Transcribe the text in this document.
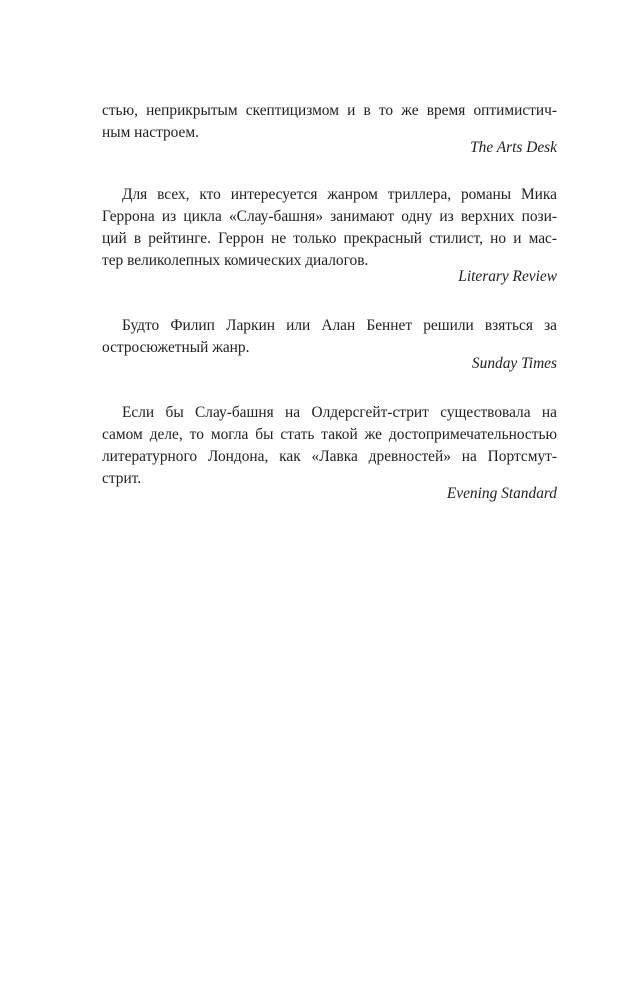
стью, неприкрытым скептицизмом и в то же время оптимистич-
ным настроем.

The Arts Desk

Для всех, кто интересуется жанром триллера, романы Мика
Геррона из цикла «Слау-башня» занимают одну из верхних пози-
ций в рейтинге. Геррон не только прекрасный стилист, но и мас-
тер великолепных комических диалогов.

Literary Review

Будто Филип Ларкин или Алан Беннет решили взяться за
остросюжетный жанр.

Sunday Times

Если бы Слау-башня на Олдерсгейт-стрит существовала на
самом деле, то могла бы стать такой же достопримечательностью
литературного Лондона, как «Лавка древностей» на Портсмут-
стрит.

Evening Standard
